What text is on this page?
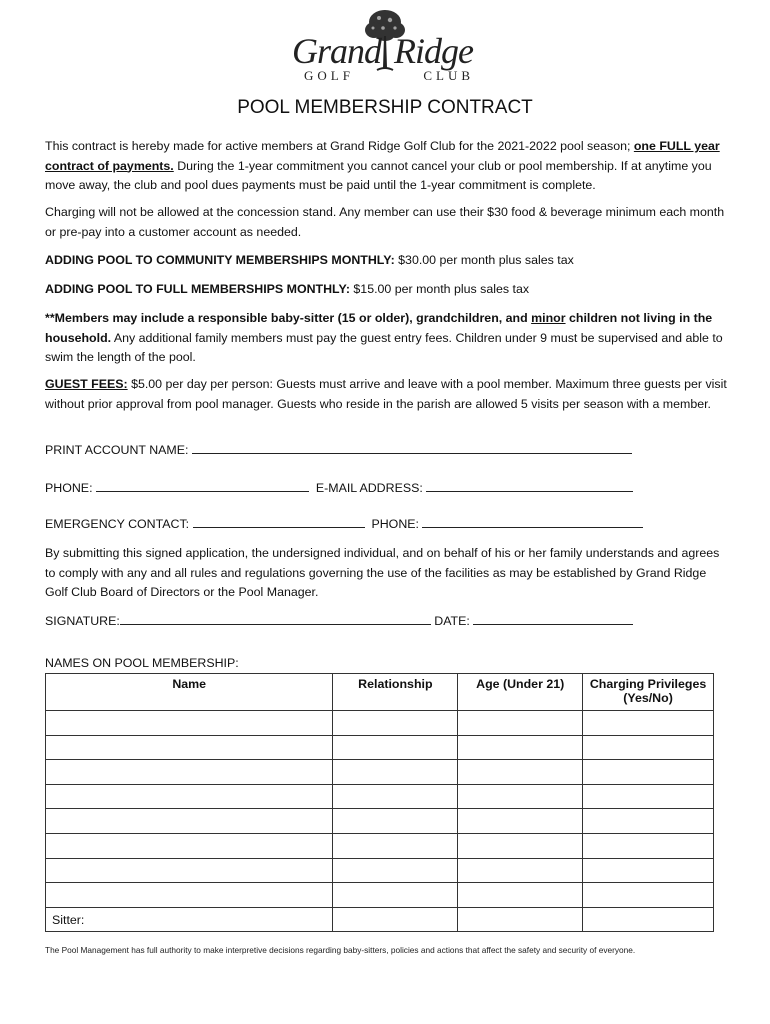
Grand Ridge
GOLF	CLUB
POOL MEMBERSHIP CONTRACT

This contract is hereby made for active members at Grand Ridge Golf Club for the 2021-2022 pool season; one FULL year contract of payments. During the 1-year commitment you cannot cancel your club or pool membership. If at anytime you move away, the club and pool dues payments must be paid until the 1-year commitment is complete.

Charging will not be allowed at the concession stand. Any member can use their $30 food & beverage minimum each month or pre-pay into a customer account as needed.

ADDING POOL TO COMMUNITY MEMBERSHIPS MONTHLY: $30.00 per month plus sales tax

ADDING POOL TO FULL MEMBERSHIPS MONTHLY: $15.00 per month plus sales tax

**Members may include a responsible baby-sitter (15 or older), grandchildren, and minor children not living in the household. Any additional family members must pay the guest entry fees. Children under 9 must be supervised and able to swim the length of the pool.

GUEST FEES: $5.00 per day per person: Guests must arrive and leave with a pool member. Maximum three guests per visit without prior approval from pool manager. Guests who reside in the parish are allowed 5 visits per season with a member.

PRINT ACCOUNT NAME:
PHONE:	E-MAIL ADDRESS:
EMERGENCY CONTACT:	PHONE:

By submitting this signed application, the undersigned individual, and on behalf of his or her family understands and agrees to comply with any and all rules and regulations governing the use of the facilities as may be established by Grand Ridge Golf Club Board of Directors or the Pool Manager.

SIGNATURE:	DATE:
NAMES ON POOL MEMBERSHIP:
Name	Relationship	Age (Under 21)	Charging Privileges (Yes/No)

Sitter:			
The Pool Management has full authority to make interpretive decisions regarding baby-sitters, policies and actions that affect the safety and security of everyone.
